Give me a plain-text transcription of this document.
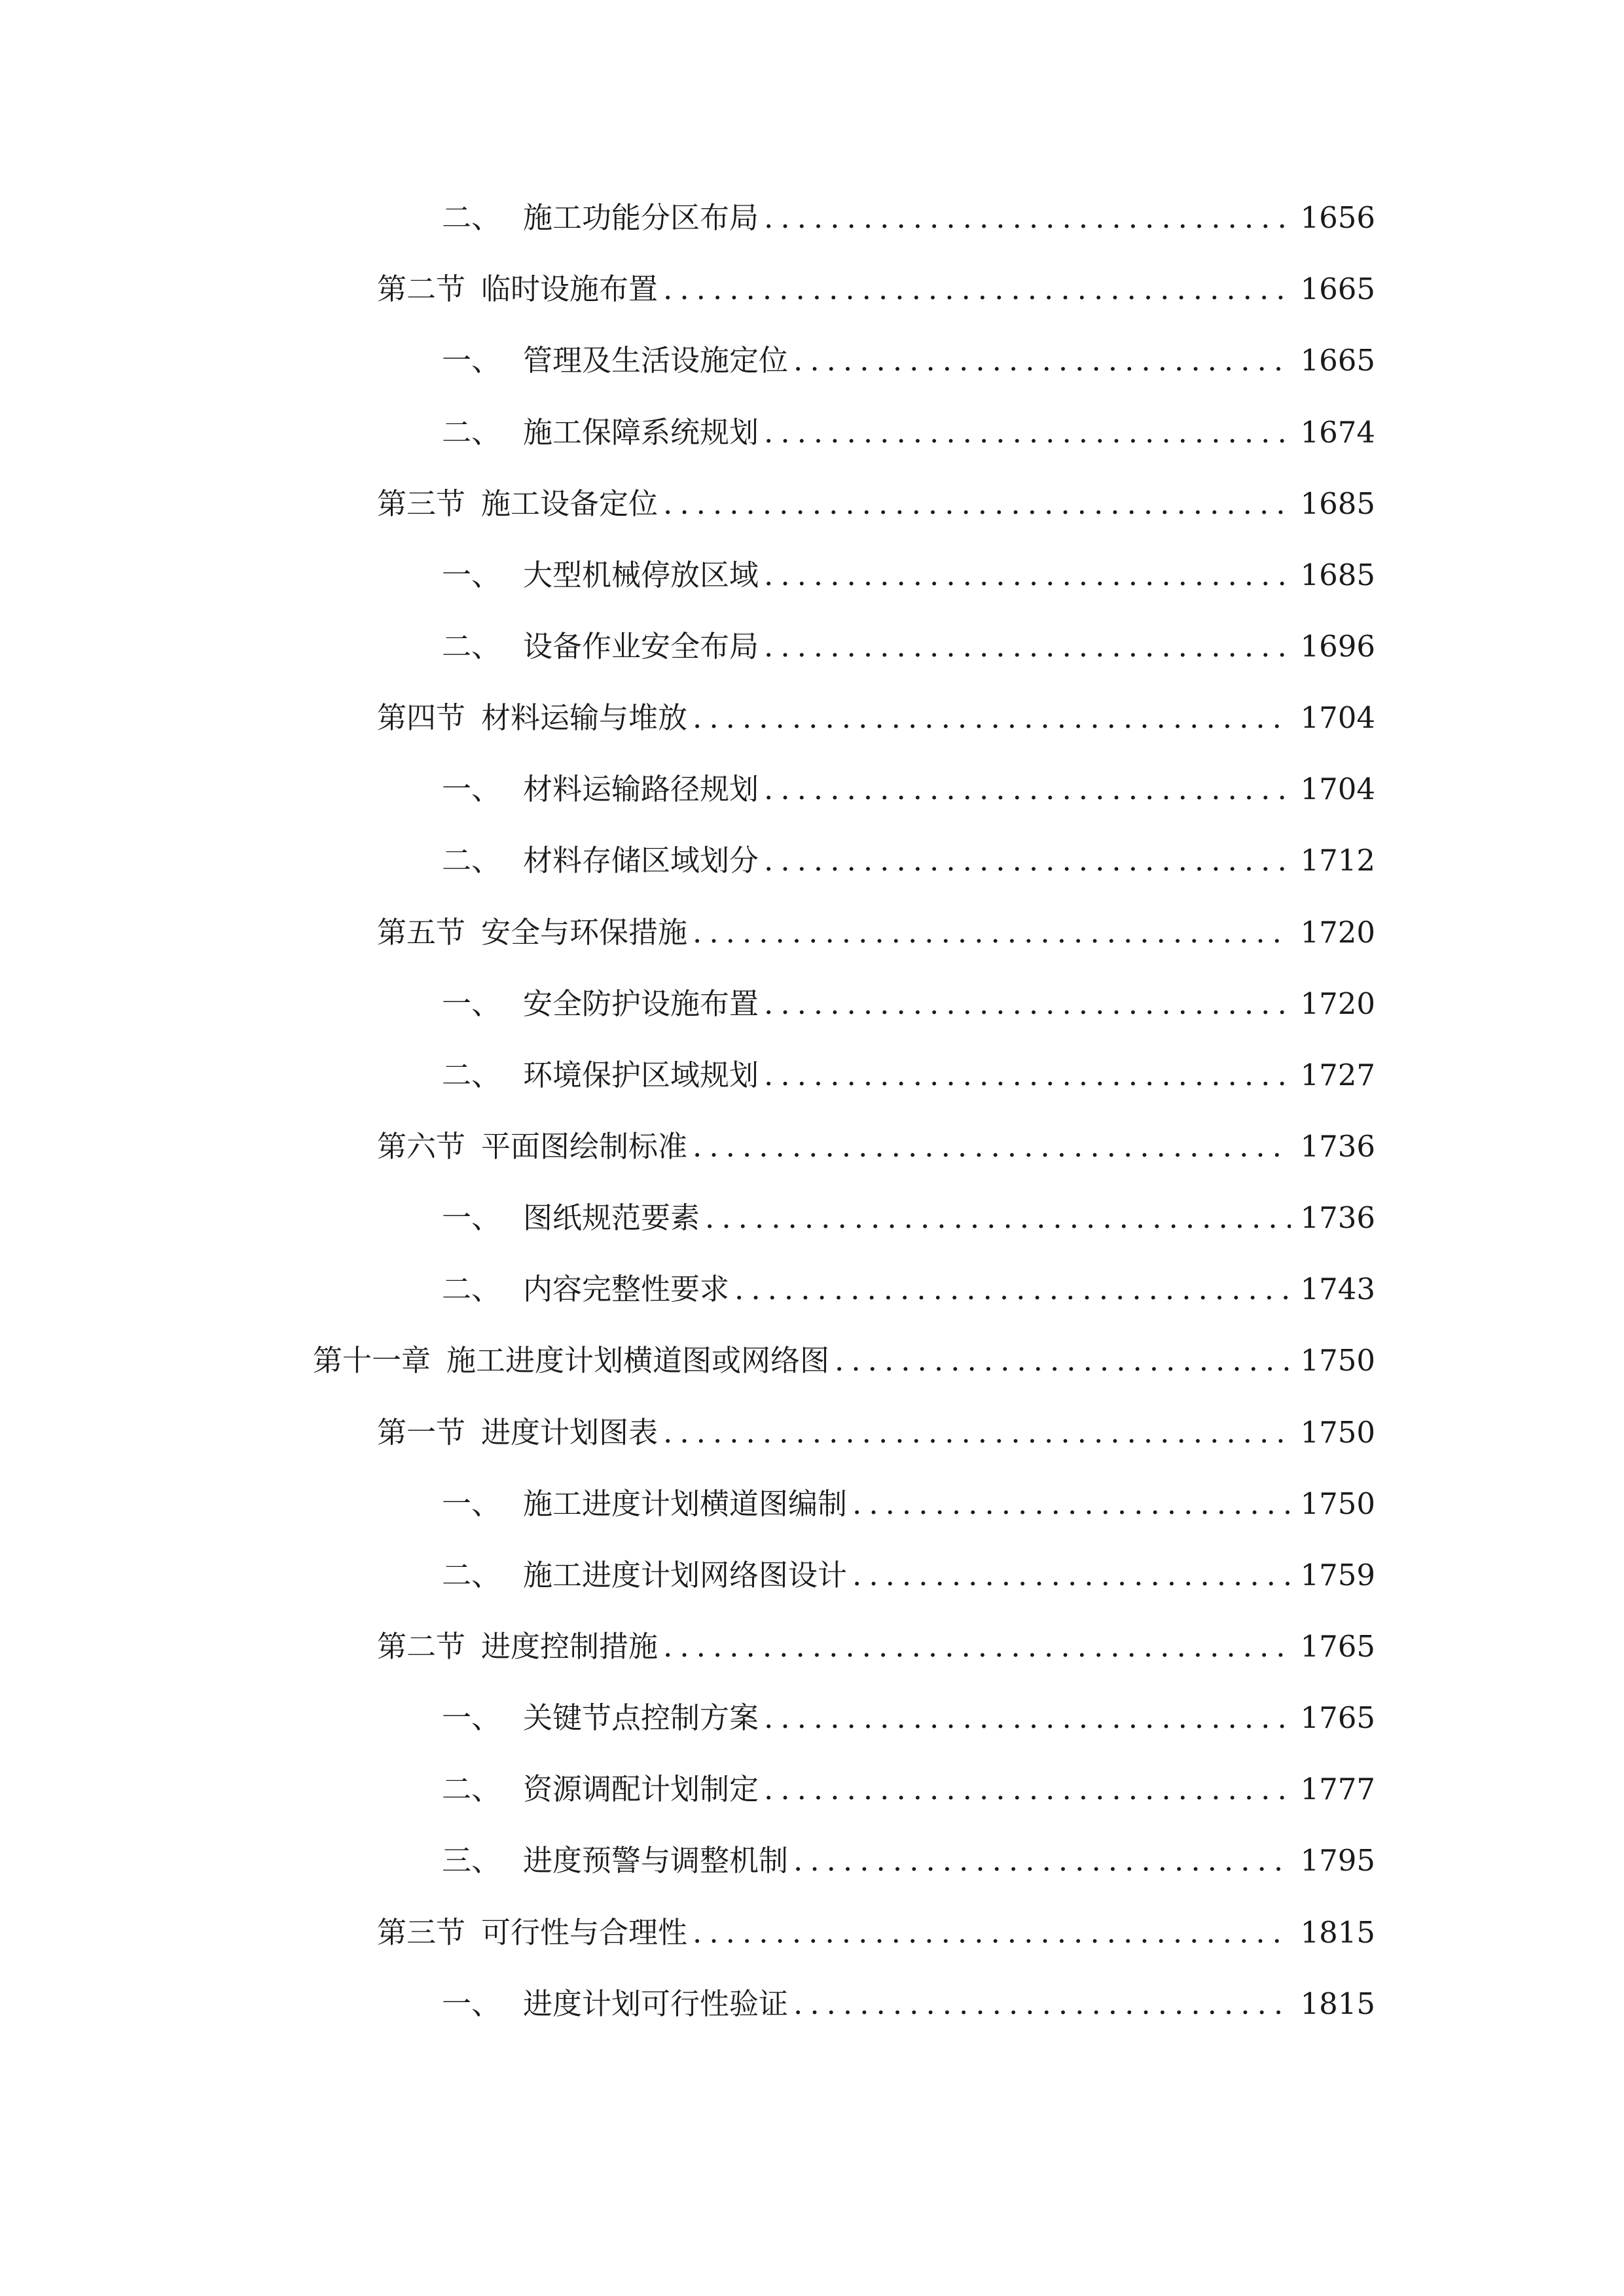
二、 施工功能分区布局 .....	1656
第二节 临时设施布置 .....	1665
一、 管理及生活设施定位 .....	1665
二、 施工保障系统规划 .....	1674
第三节 施工设备定位 .....	1685
一、 大型机械停放区域 .....	1685
二、 设备作业安全布局 .....	1696
第四节 材料运输与堆放 .....	1704
一、 材料运输路径规划 .....	1704
二、 材料存储区域划分 .....	1712
第五节 安全与环保措施 .....	1720
一、 安全防护设施布置 .....	1720
二、 环境保护区域规划 .....	1727
第六节 平面图绘制标准 .....	1736
一、 图纸规范要素 .....	1736
二、 内容完整性要求 .....	1743
第十一章 施工进度计划横道图或网络图 .....	1750
第一节 进度计划图表 .....	1750
一、 施工进度计划横道图编制 .....	1750
二、 施工进度计划网络图设计 .....	1759
第二节 进度控制措施 .....	1765
一、 关键节点控制方案 .....	1765
二、 资源调配计划制定 .....	1777
三、 进度预警与调整机制 .....	1795
第三节 可行性与合理性 .....	1815
一、 进度计划可行性验证 .....	1815
